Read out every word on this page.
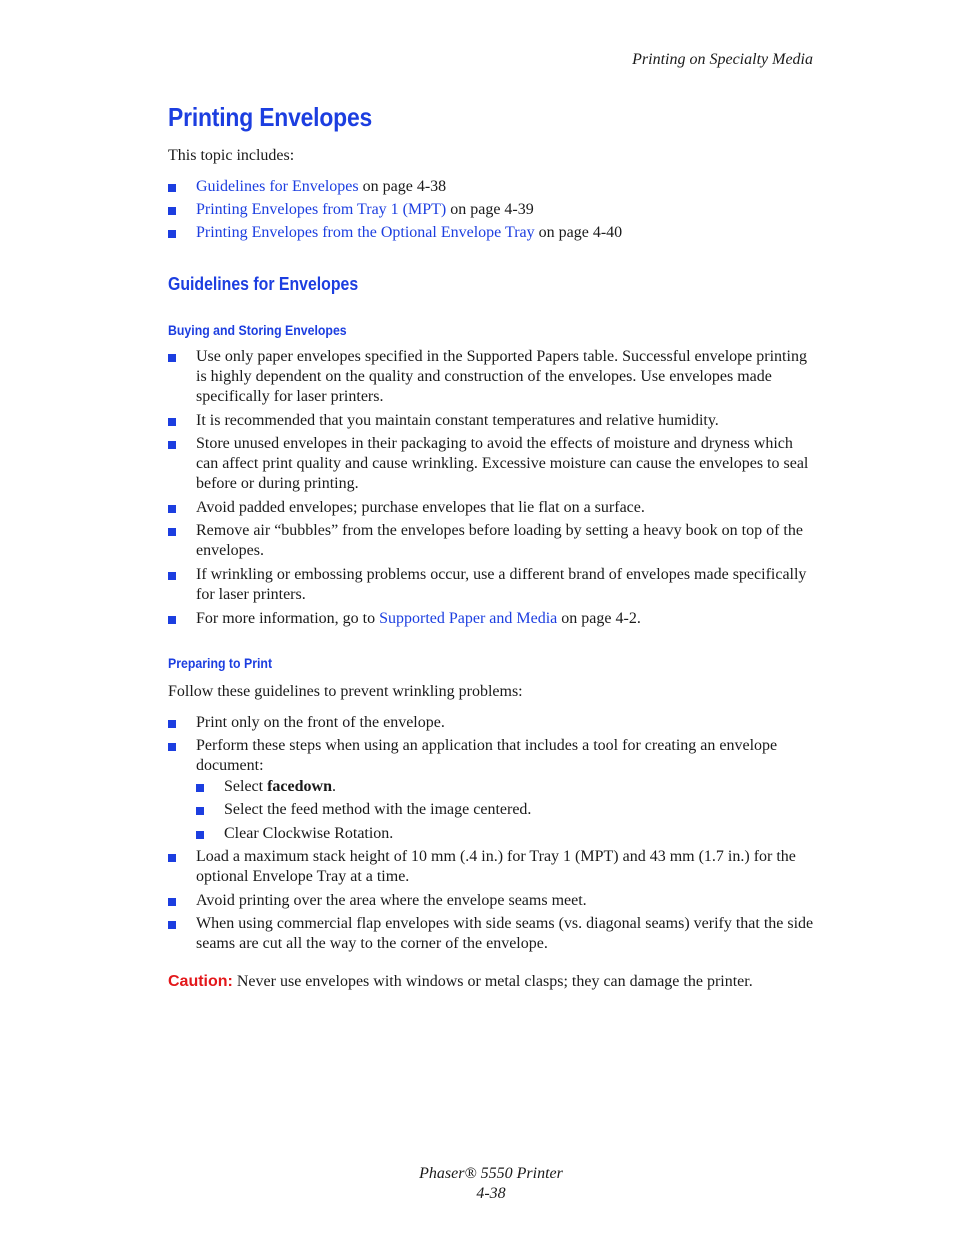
Printing on Specialty Media
Printing Envelopes
This topic includes:
Guidelines for Envelopes on page 4-38
Printing Envelopes from Tray 1 (MPT) on page 4-39
Printing Envelopes from the Optional Envelope Tray on page 4-40
Guidelines for Envelopes
Buying and Storing Envelopes
Use only paper envelopes specified in the Supported Papers table. Successful envelope printing is highly dependent on the quality and construction of the envelopes. Use envelopes made specifically for laser printers.
It is recommended that you maintain constant temperatures and relative humidity.
Store unused envelopes in their packaging to avoid the effects of moisture and dryness which can affect print quality and cause wrinkling. Excessive moisture can cause the envelopes to seal before or during printing.
Avoid padded envelopes; purchase envelopes that lie flat on a surface.
Remove air “bubbles” from the envelopes before loading by setting a heavy book on top of the envelopes.
If wrinkling or embossing problems occur, use a different brand of envelopes made specifically for laser printers.
For more information, go to Supported Paper and Media on page 4-2.
Preparing to Print
Follow these guidelines to prevent wrinkling problems:
Print only on the front of the envelope.
Perform these steps when using an application that includes a tool for creating an envelope document:
Select facedown.
Select the feed method with the image centered.
Clear Clockwise Rotation.
Load a maximum stack height of 10 mm (.4 in.) for Tray 1 (MPT) and 43 mm (1.7 in.) for the optional Envelope Tray at a time.
Avoid printing over the area where the envelope seams meet.
When using commercial flap envelopes with side seams (vs. diagonal seams) verify that the side seams are cut all the way to the corner of the envelope.
Caution: Never use envelopes with windows or metal clasps; they can damage the printer.
Phaser® 5550 Printer
4-38
